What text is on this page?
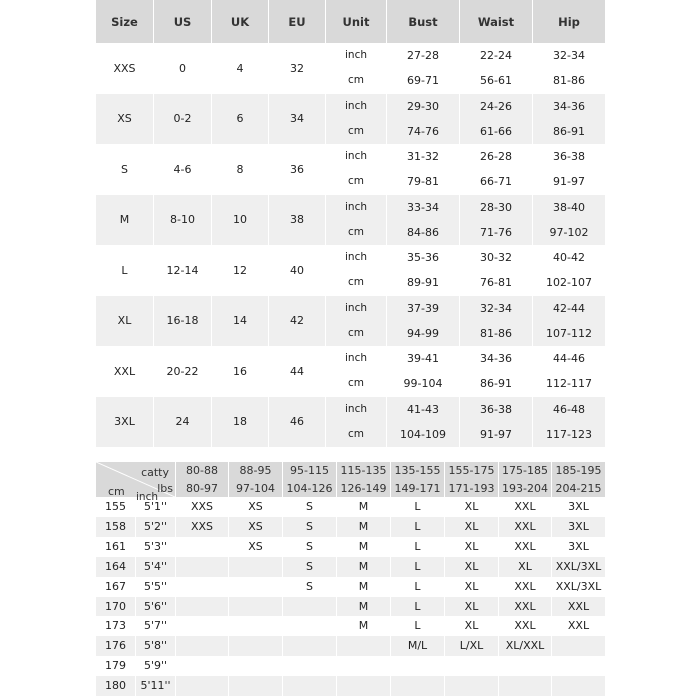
Size	US	UK	EU	Unit	Bust	Waist	Hip
XXS	0	4	32	inch	27-28	22-24	32-34
				cm	69-71	56-61	81-86
XS	0-2	6	34	inch	29-30	24-26	34-36
				cm	74-76	61-66	86-91
S	4-6	8	36	inch	31-32	26-28	36-38
				cm	79-81	66-71	91-97
M	8-10	10	38	inch	33-34	28-30	38-40
				cm	84-86	71-76	97-102
L	12-14	12	40	inch	35-36	30-32	40-42
				cm	89-91	76-81	102-107
XL	16-18	14	42	inch	37-39	32-34	42-44
				cm	94-99	81-86	107-112
XXL	20-22	16	44	inch	39-41	34-36	44-46
				cm	99-104	86-91	112-117
3XL	24	18	46	inch	41-43	36-38	46-48
				cm	104-109	91-97	117-123
catty
lbs
cm inch		80-88	88-95	95-115	115-135	135-155	155-175	175-185	185-195
		80-97	97-104	104-126	126-149	149-171	171-193	193-204	204-215
155	5'1''	XXS	XS	S	M	L	XL	XXL	3XL
158	5'2''	XXS	XS	S	M	L	XL	XXL	3XL
161	5'3''		XS	S	M	L	XL	XXL	3XL
164	5'4''			S	M	L	XL	XL	XXL/3XL
167	5'5''			S	M	L	XL	XXL	XXL/3XL
170	5'6''				M	L	XL	XXL	XXL
173	5'7''				M	L	XL	XXL	XXL
176	5'8''					M/L	L/XL	XL/XXL	
179	5'9''								
180	5'11''								
